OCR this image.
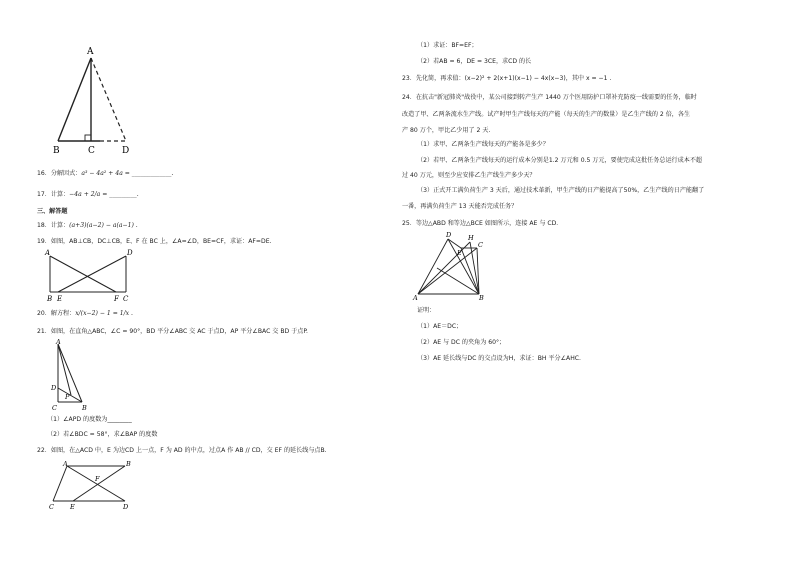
A
B	C	D
16．分解因式：a³ − 4a² + 4a = _____________.
17．计算：−4a + 2/a = _________.
三、解答题
18．计算：(a+3)(a−2) − a(a−1) .
19．如图，AB⊥CB，DC⊥CB，E、F 在 BC 上，∠A=∠D，BE=CF，求证：AF=DE.
A	D
B E	F C
20．解方程：x/(x−2) − 1 = 1/x .
21．如图，在直角△ABC，∠C = 90°，BD 平分∠ABC 交 AC 于点D，AP 平分∠BAC 交 BD 于点P.
A
D
P
C	B
（1）∠APD 的度数为________
（2）若∠BDC = 58°，求∠BAP 的度数
22．如图，在△ACD 中，E 为边CD 上一点，F 为 AD 的中点，过点A 作 AB // CD，交 EF 的延长线与点B.
A	B
F
C E	D
（1）求证：BF=EF；
（2）若AB = 6，DE = 3CE，求CD 的长
23．先化简，再求值：(x−2)² + 2(x+1)(x−1) − 4x(x−3)，其中 x = −1 .
24．在抗击"新冠肺炎"战役中，某公司接到转产生产 1440 万个医用防护口罩补充防疫一线需要的任务，临时
改造了甲、乙两条流水生产线。试产时甲生产线每天的产能（每天的生产的数量）是乙生产线的 2 倍，各生
产 80 万个，甲比乙少用了 2 天.
（1）求甲、乙两条生产线每天的产能各是多少？
（2）若甲、乙两条生产线每天的运行成本分别是1.2 万元和 0.5 万元，要使完成这批任务总运行成本不超
过 40 万元，则至少应安排乙生产线生产多少天？
（3）正式开工满负荷生产 3 天后，通过技术革新，甲生产线的日产能提高了50%，乙生产线的日产能翻了
一番，再满负荷生产 13 天能否完成任务？
25．等边△ABD 和等边△BCE 如图所示，连接 AE 与 CD．
D	H
C
E
A	B
证明：
（1）AE＝DC；
（2）AE 与 DC 的夹角为 60°；
（3）AE 延长线与DC 的交点设为H，求证：BH 平分∠AHC.
